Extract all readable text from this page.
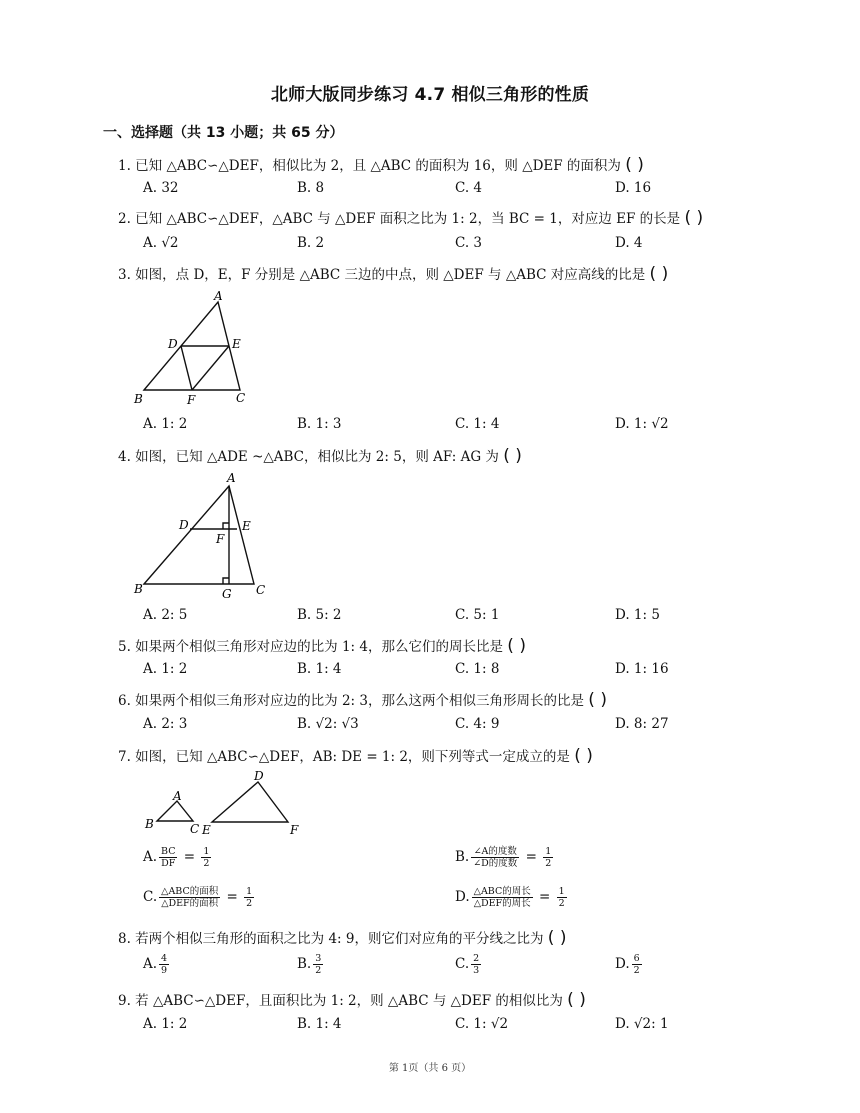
北师大版同步练习 4.7 相似三角形的性质
一、选择题（共 13 小题；共 65 分）
1. 已知 △ABC∽△DEF，相似比为 2，且 △ABC 的面积为 16，则 △DEF 的面积为 ( )
A. 32	B. 8	C. 4	D. 16
2. 已知 △ABC∽△DEF，△ABC 与 △DEF 面积之比为 1: 2，当 BC = 1，对应边 EF 的长是 ( )
A. √2	B. 2	C. 3	D. 4
3. 如图，点 D，E，F 分别是 △ABC 三边的中点，则 △DEF 与 △ABC 对应高线的比是 ( )
A
D	E
B	F	C
A. 1: 2	B. 1: 3	C. 1: 4	D. 1: √2
4. 如图，已知 △ADE ~△ABC，相似比为 2: 5，则 AF: AG 为 ( )
A
D	E
F
B	G C
A. 2: 5	B. 5: 2	C. 5: 1	D. 1: 5
5. 如果两个相似三角形对应边的比为 1: 4，那么它们的周长比是 ( )
A. 1: 2	B. 1: 4	C. 1: 8	D. 1: 16
6. 如果两个相似三角形对应边的比为 2: 3，那么这两个相似三角形周长的比是 ( )
A. 2: 3	B. √2: √3	C. 4: 9	D. 8: 27
7. 如图，已知 △ABC∽△DEF，AB: DE = 1: 2，则下列等式一定成立的是 ( )
A
B	C
D
E	F
A. $\frac{BC}{DF} = \frac{1}{2}$	B. $\frac{\text{∠A的度数}}{\text{∠D的度数}} = \frac{1}{2}$
C. $\frac{\text{△ABC的面积}}{\text{△DEF的面积}} = \frac{1}{2}$	D. $\frac{\text{△ABC的周长}}{\text{△DEF的周长}} = \frac{1}{2}$
8. 若两个相似三角形的面积之比为 4: 9，则它们对应角的平分线之比为 ( )
A. $\frac{4}{9}$	B. $\frac{3}{2}$	C. $\frac{2}{3}$	D. $\frac{6}{2}$
9. 若 △ABC∽△DEF，且面积比为 1: 2，则 △ABC 与 △DEF 的相似比为 ( )
A. 1: 2	B. 1: 4	C. 1: √2	D. √2: 1
第 1页（共 6 页）
